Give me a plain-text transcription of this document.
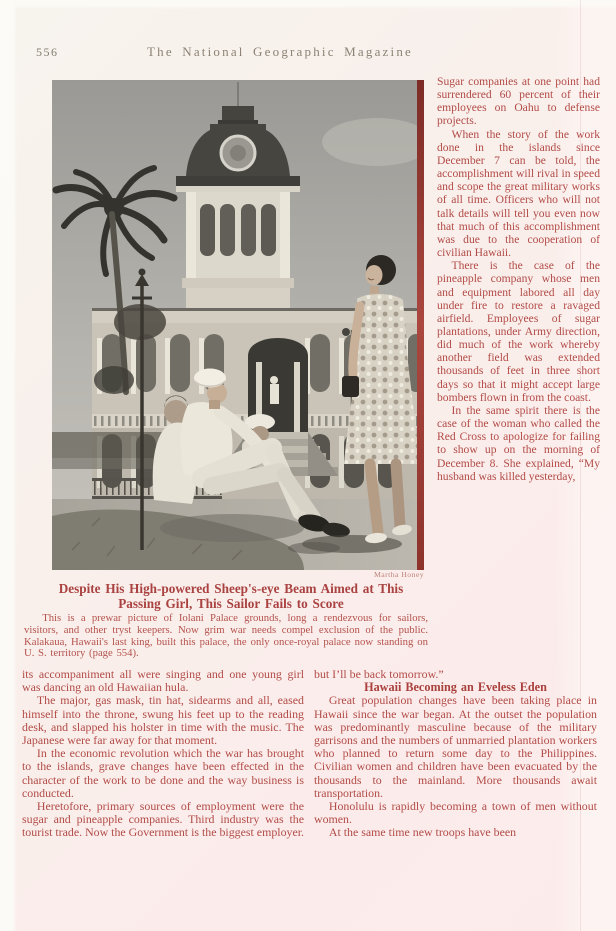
556	The National Geographic Magazine
Martha Honey
Despite His High-powered Sheep's-eye Beam Aimed at This
Passing Girl, This Sailor Fails to Score
This is a prewar picture of Iolani Palace grounds, long a rendezvous for sailors, visitors, and other tryst keepers. Now grim war needs compel exclusion of the public. Kalakaua, Hawaii's last king, built this palace, the only once-royal palace now standing on U. S. territory (page 554).

Sugar companies at one point had surrendered 60 percent of their employees on Oahu to defense projects.

When the story of the work done in the islands since December 7 can be told, the accomplishment will rival in speed and scope the great military works of all time. Officers who will not talk details will tell you even now that much of this accomplishment was due to the cooperation of civilian Hawaii.

There is the case of the pineapple company whose men and equipment labored all day under fire to restore a ravaged airfield. Employees of sugar plantations, under Army direction, did much of the work whereby another field was extended thousands of feet in three short days so that it might accept large bombers flown in from the coast.

In the same spirit there is the case of the woman who called the Red Cross to apologize for failing to show up on the morning of December 8. She explained, “My husband was killed yesterday,

its accompaniment all were singing and one young girl was dancing an old Hawaiian hula.

The major, gas mask, tin hat, sidearms and all, eased himself into the throne, swung his feet up to the reading desk, and slapped his holster in time with the music. The Japanese were far away for that moment.

In the economic revolution which the war has brought to the islands, grave changes have been effected in the character of the work to be done and the way business is conducted.

Heretofore, primary sources of employment were the sugar and pineapple companies. Third industry was the tourist trade. Now the Government is the biggest employer.

but I’ll be back tomorrow.”

Hawaii Becoming an Eveless Eden

Great population changes have been taking place in Hawaii since the war began. At the outset the population was predominantly masculine because of the military garrisons and the numbers of unmarried plantation workers who planned to return some day to the Philippines. Civilian women and children have been evacuated by the thousands to the mainland. More thousands await transportation.

Honolulu is rapidly becoming a town of men without women.

At the same time new troops have been
